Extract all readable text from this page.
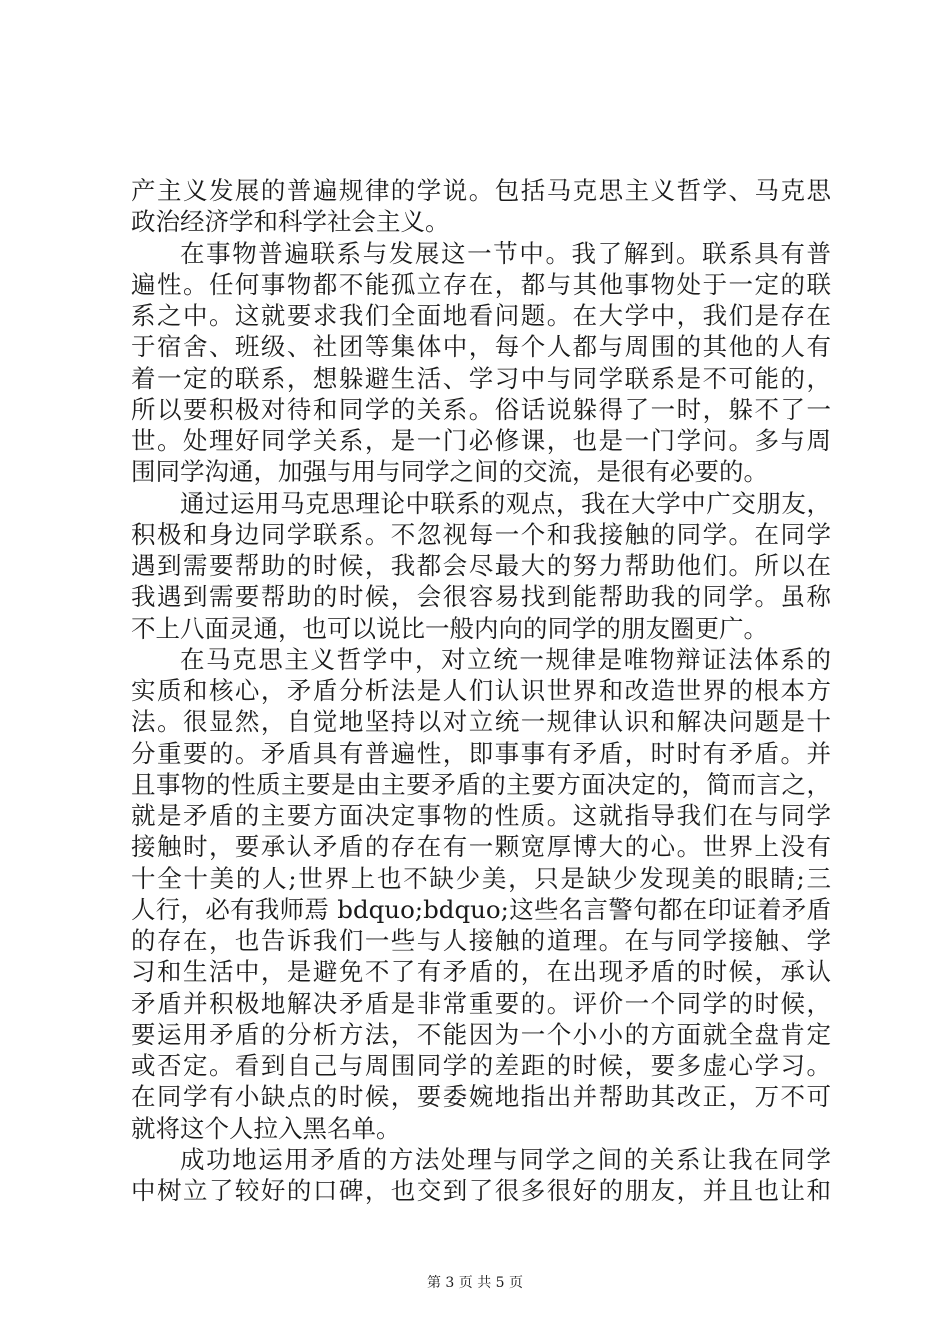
产主义发展的普遍规律的学说。包括马克思主义哲学、马克思
政治经济学和科学社会主义。
在事物普遍联系与发展这一节中。我了解到。联系具有普
遍性。任何事物都不能孤立存在，都与其他事物处于一定的联
系之中。这就要求我们全面地看问题。在大学中，我们是存在
于宿舍、班级、社团等集体中，每个人都与周围的其他的人有
着一定的联系，想躲避生活、学习中与同学联系是不可能的，
所以要积极对待和同学的关系。俗话说躲得了一时，躲不了一
世。处理好同学关系，是一门必修课，也是一门学问。多与周
围同学沟通，加强与用与同学之间的交流，是很有必要的。
通过运用马克思理论中联系的观点，我在大学中广交朋友，
积极和身边同学联系。不忽视每一个和我接触的同学。在同学
遇到需要帮助的时候，我都会尽最大的努力帮助他们。所以在
我遇到需要帮助的时候，会很容易找到能帮助我的同学。虽称
不上八面灵通，也可以说比一般内向的同学的朋友圈更广。
在马克思主义哲学中，对立统一规律是唯物辩证法体系的
实质和核心，矛盾分析法是人们认识世界和改造世界的根本方
法。很显然，自觉地坚持以对立统一规律认识和解决问题是十
分重要的。矛盾具有普遍性，即事事有矛盾，时时有矛盾。并
且事物的性质主要是由主要矛盾的主要方面决定的，简而言之，
就是矛盾的主要方面决定事物的性质。这就指导我们在与同学
接触时，要承认矛盾的存在有一颗宽厚博大的心。世界上没有
十全十美的人;世界上也不缺少美，只是缺少发现美的眼睛;三
人行，必有我师焉 bdquo;bdquo;这些名言警句都在印证着矛盾
的存在，也告诉我们一些与人接触的道理。在与同学接触、学
习和生活中，是避免不了有矛盾的，在出现矛盾的时候，承认
矛盾并积极地解决矛盾是非常重要的。评价一个同学的时候，
要运用矛盾的分析方法，不能因为一个小小的方面就全盘肯定
或否定。看到自己与周围同学的差距的时候，要多虚心学习。
在同学有小缺点的时候，要委婉地指出并帮助其改正，万不可
就将这个人拉入黑名单。
成功地运用矛盾的方法处理与同学之间的关系让我在同学
中树立了较好的口碑，也交到了很多很好的朋友，并且也让和
第 3 页 共 5 页
